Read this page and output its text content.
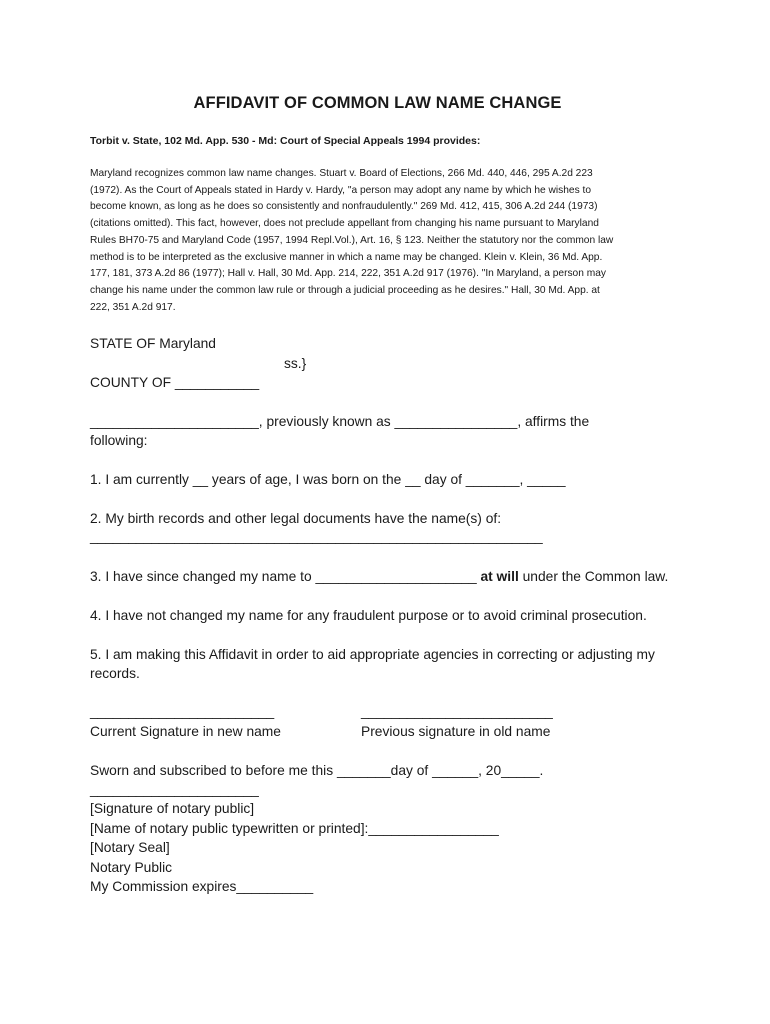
AFFIDAVIT OF COMMON LAW NAME CHANGE
Torbit v. State, 102 Md. App. 530 - Md: Court of Special Appeals 1994 provides:
Maryland recognizes common law name changes. Stuart v. Board of Elections, 266 Md. 440, 446, 295 A.2d 223
(1972). As the Court of Appeals stated in Hardy v. Hardy, "a person may adopt any name by which he wishes to
become known, as long as he does so consistently and nonfraudulently." 269 Md. 412, 415, 306 A.2d 244 (1973)
(citations omitted). This fact, however, does not preclude appellant from changing his name pursuant to Maryland
Rules BH70-75 and Maryland Code (1957, 1994 Repl.Vol.), Art. 16, § 123. Neither the statutory nor the common law
method is to be interpreted as the exclusive manner in which a name may be changed. Klein v. Klein, 36 Md. App.
177, 181, 373 A.2d 86 (1977); Hall v. Hall, 30 Md. App. 214, 222, 351 A.2d 917 (1976). "In Maryland, a person may
change his name under the common law rule or through a judicial proceeding as he desires." Hall, 30 Md. App. at
222, 351 A.2d 917.
STATE OF Maryland
ss.}
COUNTY OF ___________
______________________, previously known as ________________, affirms the
following:
1. I am currently __ years of age, I was born on the __ day of _______, _____
2. My birth records and other legal documents have the name(s) of:
___________________________________________________________
3. I have since changed my name to _____________________ at will under the Common law.
4. I have not changed my name for any fraudulent purpose or to avoid criminal prosecution.
5. I am making this Affidavit in order to aid appropriate agencies in correcting or adjusting my
records.
________________________	_________________________
Current Signature in new name	Previous signature in old name
Sworn and subscribed to before me this _______day of ______, 20_____.
______________________
[Signature of notary public]
[Name of notary public typewritten or printed]:_________________
[Notary Seal]
Notary Public
My Commission expires__________
